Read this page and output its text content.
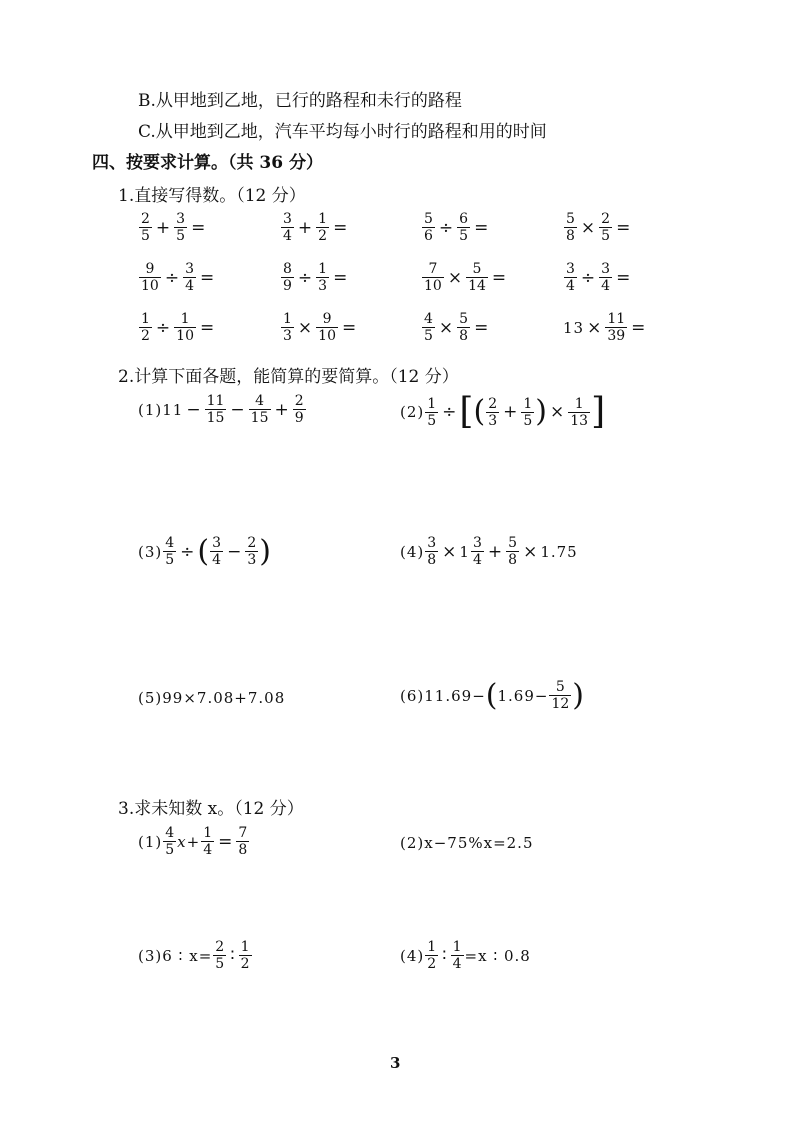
B.从甲地到乙地，已行的路程和未行的路程
C.从甲地到乙地，汽车平均每小时行的路程和用的时间
四、按要求计算。（共 36 分）
1.直接写得数。（12 分）
$\frac{2}{5} + \frac{3}{5}$ =	$\frac{3}{4} + \frac{1}{2}$ =	$\frac{5}{6} \div \frac{6}{5}$ =	$\frac{5}{8} \times \frac{2}{5}$ =
$\frac{9}{10} \div \frac{3}{4}$ =	$\frac{8}{9} \div \frac{1}{3}$ =	$\frac{7}{10} \times \frac{5}{14}$ =	$\frac{3}{4} \div \frac{3}{4}$ =
$\frac{1}{2} \div \frac{1}{10}$ =	$\frac{1}{3} \times \frac{9}{10}$ =	$\frac{4}{5} \times \frac{5}{8}$ =	$13 \times \frac{11}{39}$ =
2.计算下面各题，能简算的要简算。（12 分）
$(1)11 - \frac{11}{15} - \frac{4}{15} + \frac{2}{9}$	$(2) \frac{1}{5}$ ÷ [ ( $\frac{2}{3} + \frac{1}{5}$ ) × $\frac{1}{13}$ ]
$(3) \frac{4}{5}$ ÷ ( $\frac{3}{4} - \frac{2}{3}$ )	$(4) \frac{3}{8} \times 1 \frac{3}{4} + \frac{5}{8} \times 1.75$
(5)99×7.08+7.08	(6)11.69− ( $1.69- \frac{5}{12}$ )
3.求未知数 x。（12 分）
$(1) \frac{4}{5} x+ \frac{1}{4} = \frac{7}{8}$	(2)x−75%x=2.5
(3)6 ∶ $x= \frac{2}{5}$ ∶ $\frac{1}{2}$	$(4) \frac{1}{2}$ ∶ $\frac{1}{4} =x$ ∶ 0.8
3
